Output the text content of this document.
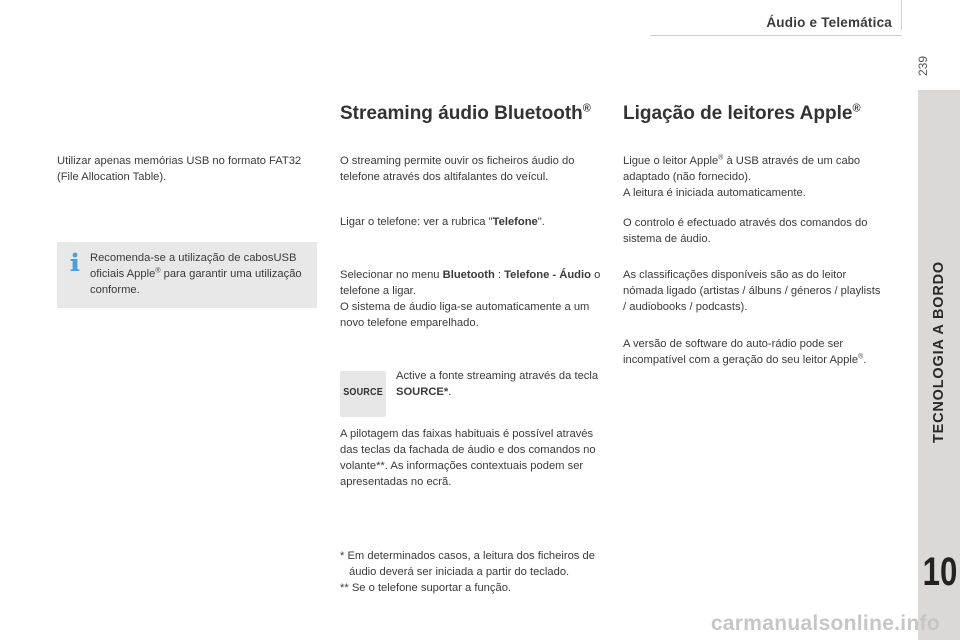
Áudio e Telemática
239
TECNOLOGIA A BORDO
10

Utilizar apenas memórias USB no formato FAT32 (File Allocation Table).

Recomenda-se a utilização de cabosUSB oficiais Apple® para garantir uma utilização conforme.
Streaming áudio Bluetooth®

O streaming permite ouvir os ficheiros áudio do telefone através dos altifalantes do veícul.

Ligar o telefone: ver a rubrica "Telefone".

Selecionar no menu Bluetooth : Telefone - Áudio o telefone a ligar.

O sistema de áudio liga-se automaticamente a um novo telefone emparelhado.

SOURCE

Active a fonte streaming através da tecla SOURCE*.

A pilotagem das faixas habituais é possível através das teclas da fachada de áudio e dos comandos no volante**. As informações contextuais podem ser apresentadas no ecrã.

* Em determinados casos, a leitura dos ficheiros de áudio deverá ser iniciada a partir do teclado.

** Se o telefone suportar a função.

Ligação de leitores Apple®

Ligue o leitor Apple® à USB através de um cabo adaptado (não fornecido).

A leitura é iniciada automaticamente.

O controlo é efectuado através dos comandos do sistema de áudio.

As classificações disponíveis são as do leitor nómada ligado (artistas / álbuns / géneros / playlists / audiobooks / podcasts).

A versão de software do auto-rádio pode ser incompatível com a geração do seu leitor Apple®.

carmanualsonline.info
